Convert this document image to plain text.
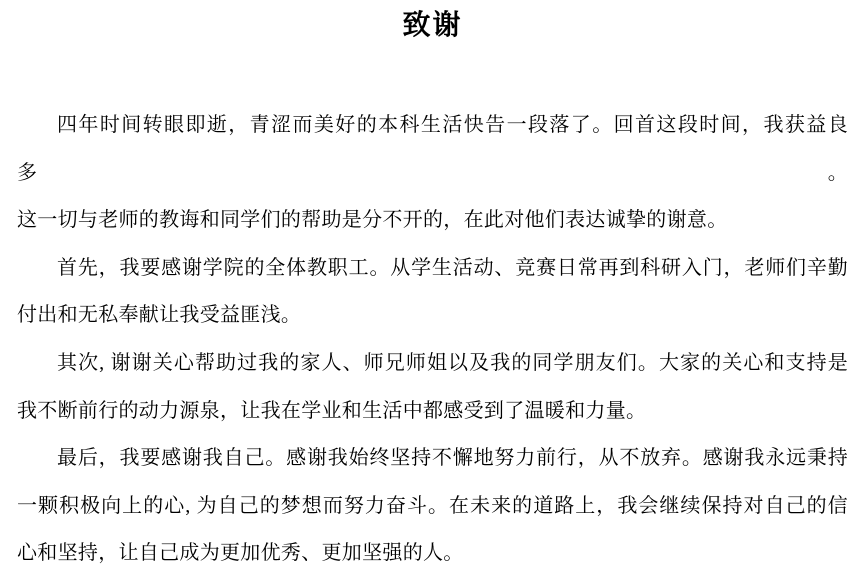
致谢
四年时间转眼即逝，青涩而美好的本科生活快告一段落了。回首这段时间，我获益良多。
这一切与老师的教诲和同学们的帮助是分不开的，在此对他们表达诚挚的谢意。
首先，我要感谢学院的全体教职工。从学生活动、竞赛日常再到科研入门，老师们辛勤
付出和无私奉献让我受益匪浅。
其次, 谢谢关心帮助过我的家人、师兄师姐以及我的同学朋友们。大家的关心和支持是
我不断前行的动力源泉，让我在学业和生活中都感受到了温暖和力量。
最后，我要感谢我自己。感谢我始终坚持不懈地努力前行，从不放弃。感谢我永远秉持
一颗积极向上的心, 为自己的梦想而努力奋斗。在未来的道路上，我会继续保持对自己的信
心和坚持，让自己成为更加优秀、更加坚强的人。
